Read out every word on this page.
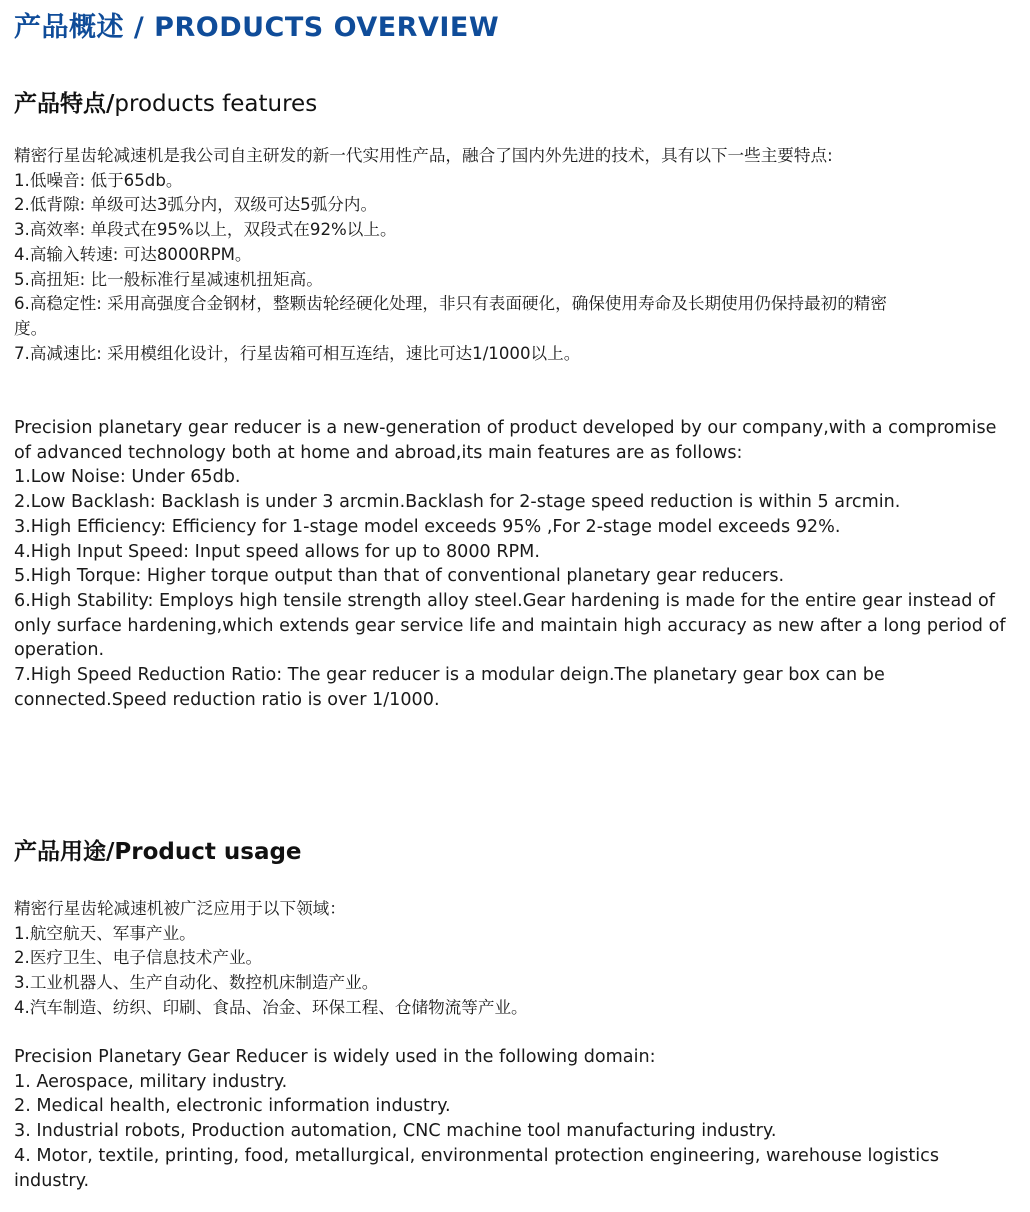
产品概述 / PRODUCTS OVERVIEW
产品特点/products features
精密行星齿轮减速机是我公司自主研发的新一代实用性产品，融合了国内外先进的技术，具有以下一些主要特点:
1.低噪音: 低于65db。
2.低背隙: 单级可达3弧分内，双级可达5弧分内。
3.高效率: 单段式在95%以上，双段式在92%以上。
4.高输入转速: 可达8000RPM。
5.高扭矩: 比一般标准行星减速机扭矩高。
6.高稳定性: 采用高强度合金钢材，整颗齿轮经硬化处理，非只有表面硬化，确保使用寿命及长期使用仍保持最初的精密
度。
7.高减速比: 采用模组化设计，行星齿箱可相互连结，速比可达1/1000以上。
Precision planetary gear reducer is a new-generation of product developed by our company,with a compromise
of advanced technology both at home and abroad,its main features are as follows:
1.Low Noise: Under 65db.
2.Low Backlash: Backlash is under 3 arcmin.Backlash for 2-stage speed reduction is within 5 arcmin.
3.High Efficiency: Efficiency for 1-stage model exceeds 95% ,For 2-stage model exceeds 92%.
4.High Input Speed: Input speed allows for up to 8000 RPM.
5.High Torque: Higher torque output than that of conventional planetary gear reducers.
6.High Stability: Employs high tensile strength alloy steel.Gear hardening is made for the entire gear instead of
only surface hardening,which extends gear service life and maintain high accuracy as new after a long period of
operation.
7.High Speed Reduction Ratio: The gear reducer is a modular deign.The planetary gear box can be
connected.Speed reduction ratio is over 1/1000.
产品用途/Product usage
精密行星齿轮减速机被广泛应用于以下领域：
1.航空航天、军事产业。
2.医疗卫生、电子信息技术产业。
3.工业机器人、生产自动化、数控机床制造产业。
4.汽车制造、纺织、印刷、食品、冶金、环保工程、仓储物流等产业。
Precision Planetary Gear Reducer is widely used in the following domain:
1. Aerospace, military industry.
2. Medical health, electronic information industry.
3. Industrial robots, Production automation, CNC machine tool manufacturing industry.
4. Motor, textile, printing, food, metallurgical, environmental protection engineering, warehouse logistics
industry.
